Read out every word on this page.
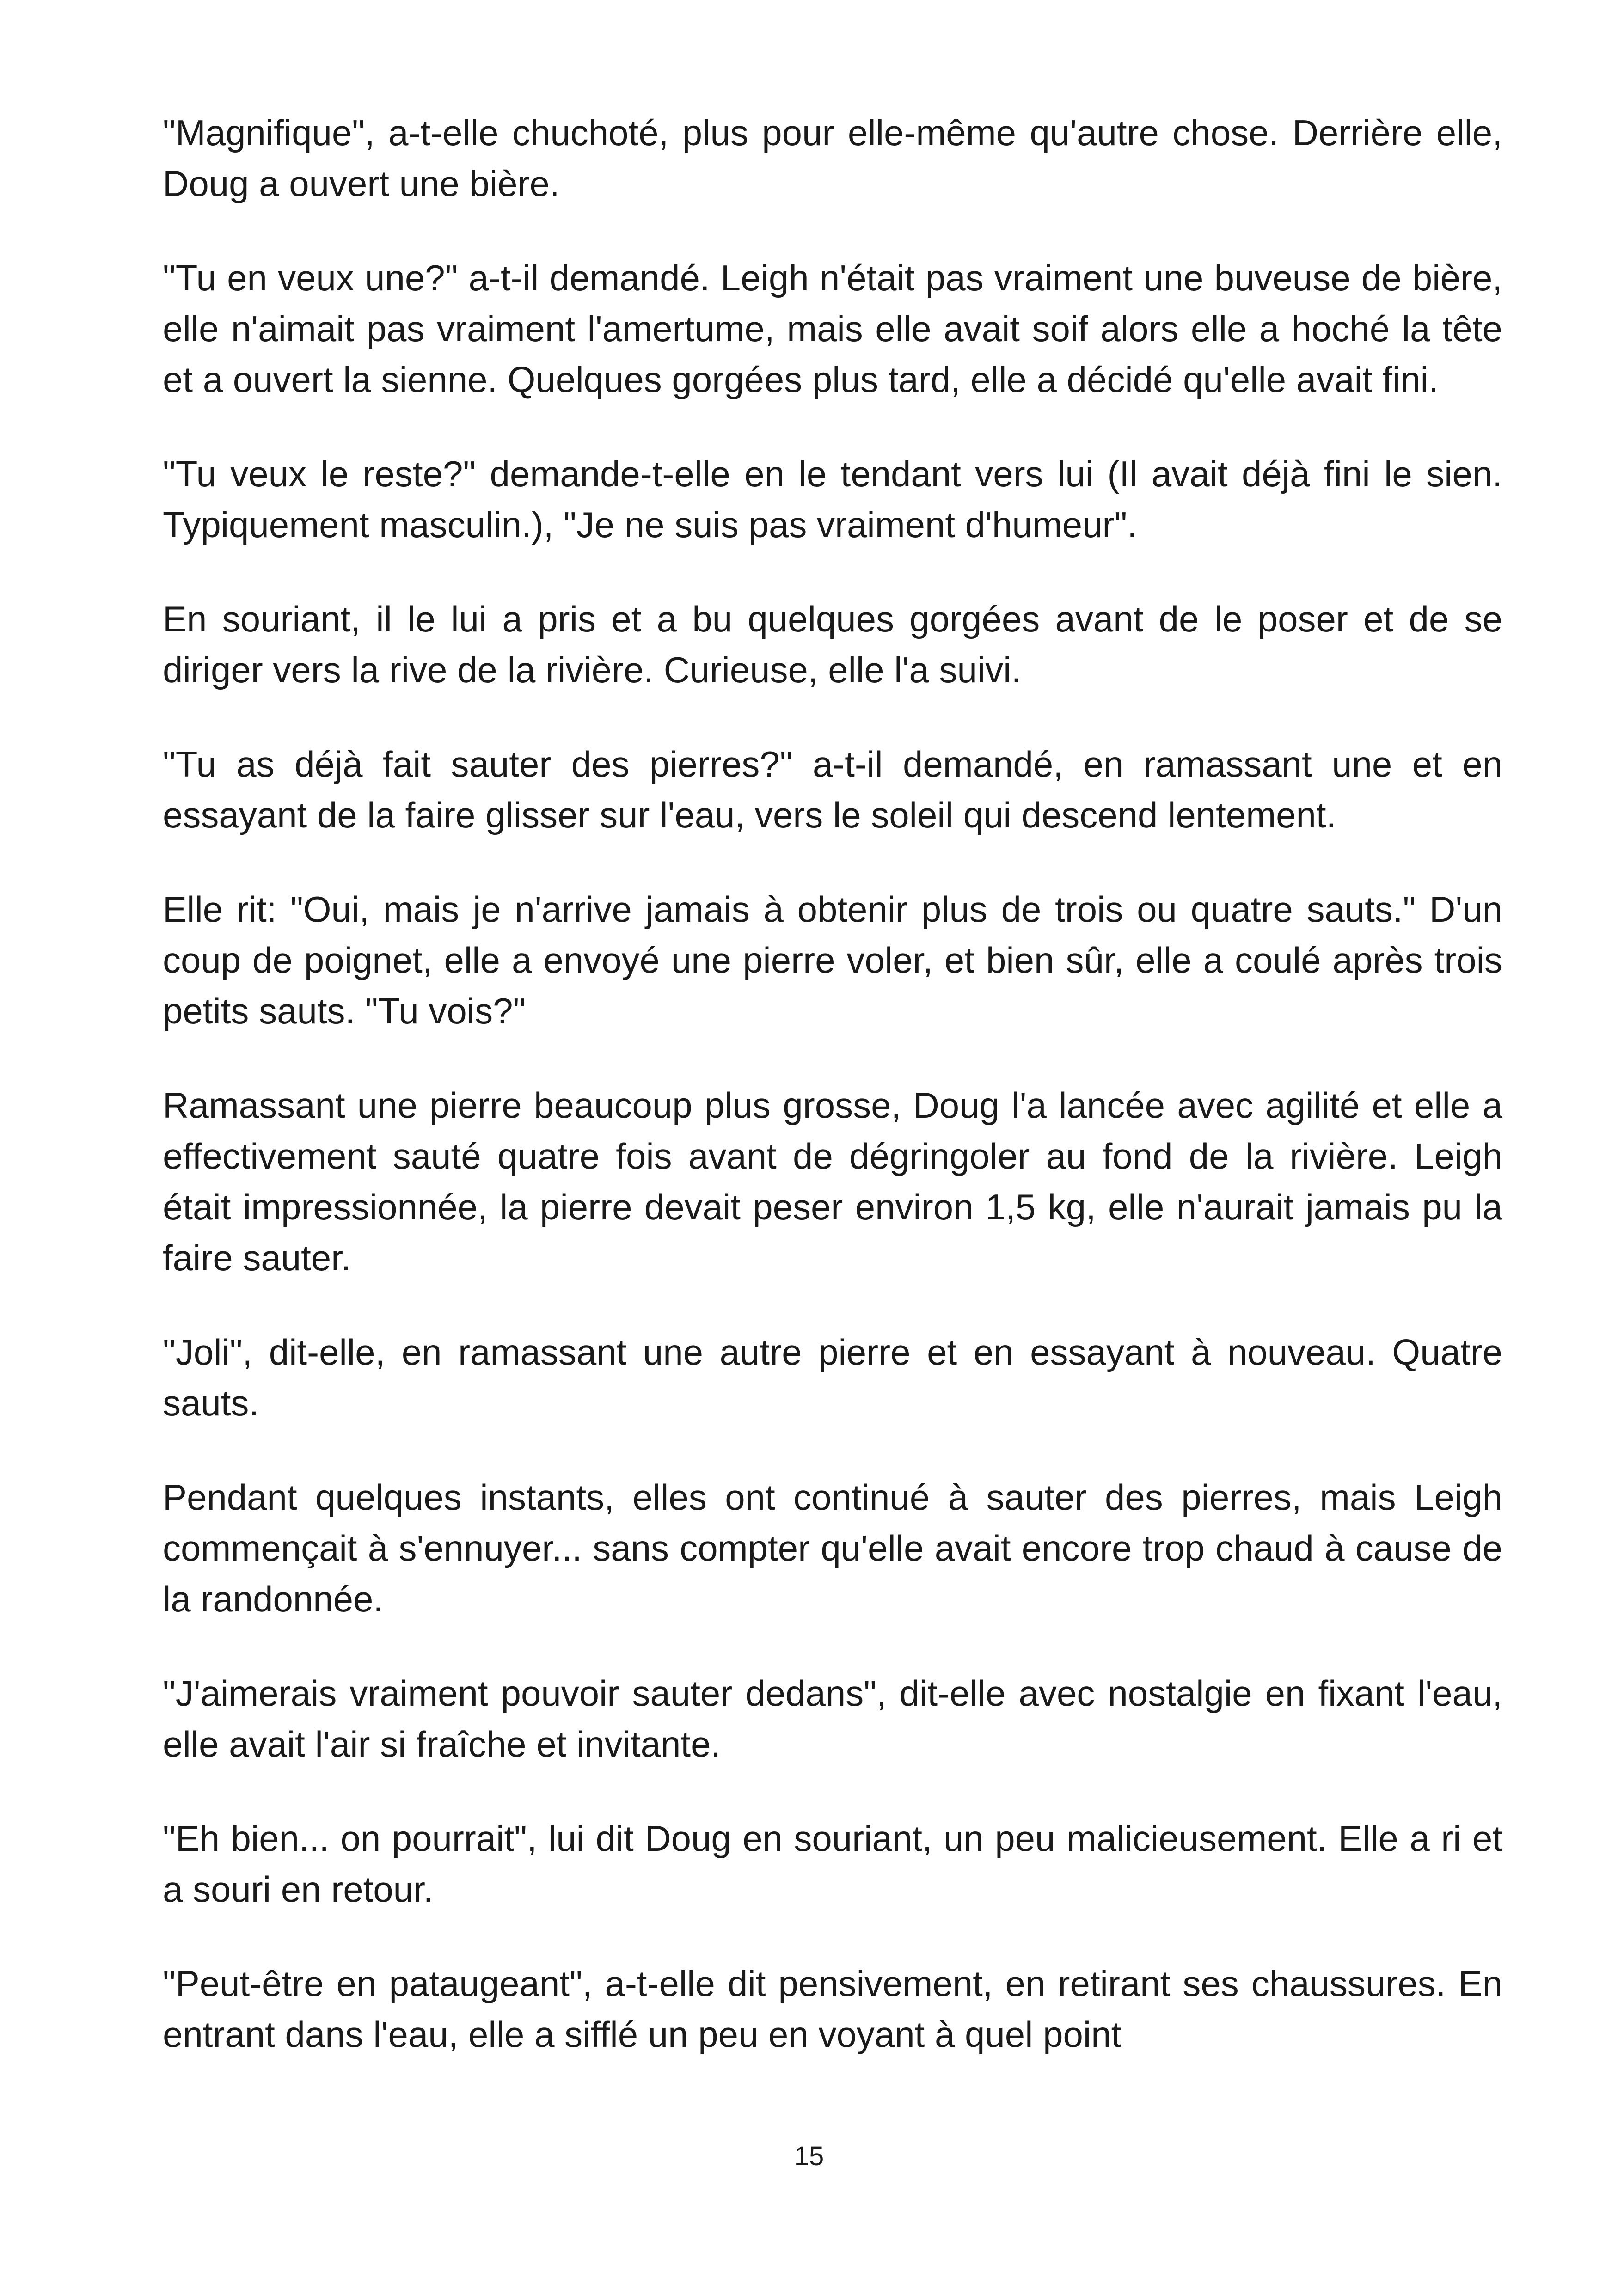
"Magnifique", a-t-elle chuchoté, plus pour elle-même qu'autre chose. Derrière elle, Doug a ouvert une bière.

"Tu en veux une?" a-t-il demandé. Leigh n'était pas vraiment une buveuse de bière, elle n'aimait pas vraiment l'amertume, mais elle avait soif alors elle a hoché la tête et a ouvert la sienne. Quelques gorgées plus tard, elle a décidé qu'elle avait fini.

"Tu veux le reste?" demande-t-elle en le tendant vers lui (Il avait déjà fini le sien. Typiquement masculin.), "Je ne suis pas vraiment d'humeur".

En souriant, il le lui a pris et a bu quelques gorgées avant de le poser et de se diriger vers la rive de la rivière. Curieuse, elle l'a suivi.

"Tu as déjà fait sauter des pierres?" a-t-il demandé, en ramassant une et en essayant de la faire glisser sur l'eau, vers le soleil qui descend lentement.

Elle rit: "Oui, mais je n'arrive jamais à obtenir plus de trois ou quatre sauts." D'un coup de poignet, elle a envoyé une pierre voler, et bien sûr, elle a coulé après trois petits sauts. "Tu vois?"

Ramassant une pierre beaucoup plus grosse, Doug l'a lancée avec agilité et elle a effectivement sauté quatre fois avant de dégringoler au fond de la rivière. Leigh était impressionnée, la pierre devait peser environ 1,5 kg, elle n'aurait jamais pu la faire sauter.

"Joli", dit-elle, en ramassant une autre pierre et en essayant à nouveau. Quatre sauts.

Pendant quelques instants, elles ont continué à sauter des pierres, mais Leigh commençait à s'ennuyer... sans compter qu'elle avait encore trop chaud à cause de la randonnée.

"J'aimerais vraiment pouvoir sauter dedans", dit-elle avec nostalgie en fixant l'eau, elle avait l'air si fraîche et invitante.

"Eh bien... on pourrait", lui dit Doug en souriant, un peu malicieusement. Elle a ri et a souri en retour.

"Peut-être en pataugeant", a-t-elle dit pensivement, en retirant ses chaussures. En entrant dans l'eau, elle a sifflé un peu en voyant à quel point

15
